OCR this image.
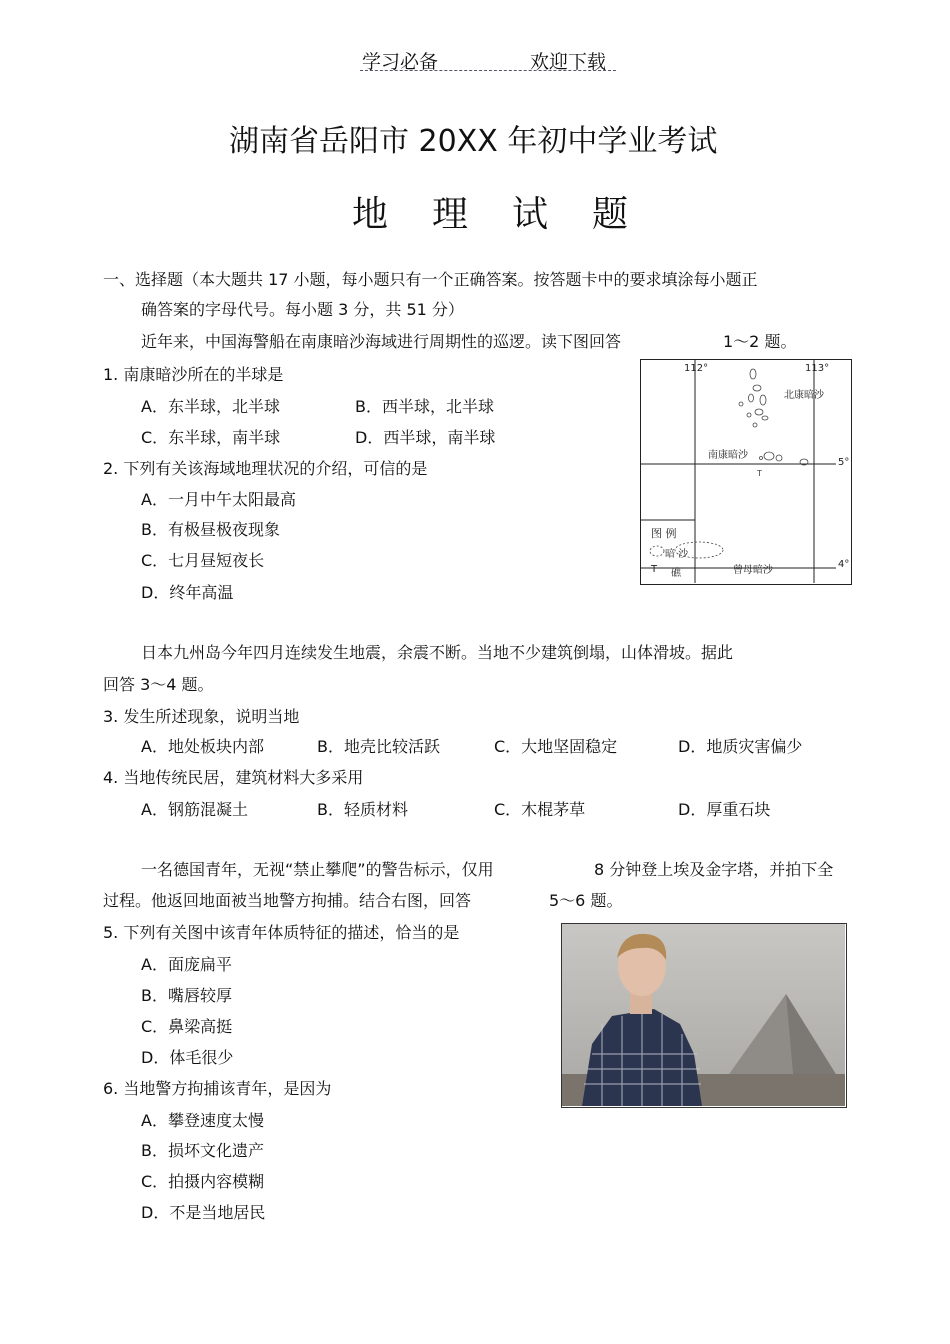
学习必备	欢迎下载
湖南省岳阳市 20XX 年初中学业考试
地 理 试 题
一、选择题（本大题共 17 小题，每小题只有一个正确答案。按答题卡中的要求填涂每小题正
确答案的字母代号。每小题 3 分，共 51 分）
近年来，中国海警船在南康暗沙海域进行周期性的巡逻。读下图回答	1～2 题。
1. 南康暗沙所在的半球是
A．东半球，北半球	B．西半球，北半球
C．东半球，南半球	D．西半球，南半球
2. 下列有关该海域地理状况的介绍，可信的是
A．一月中午太阳最高
B．有极昼极夜现象
C．七月昼短夜长
D．终年高温
T
112°	113°
北康暗沙
南康暗沙
5°
4°
曾母暗沙
图 例
暗 沙
T 礁
日本九州岛今年四月连续发生地震，余震不断。当地不少建筑倒塌，山体滑坡。据此
回答 3～4 题。
3. 发生所述现象，说明当地
A．地处板块内部	B．地壳比较活跃	C．大地坚固稳定	D．地质灾害偏少
4. 当地传统民居，建筑材料大多采用
A．钢筋混凝土	B．轻质材料	C．木棍茅草	D．厚重石块
一名德国青年，无视“禁止攀爬”的警告标示，仅用	8 分钟登上埃及金字塔，并拍下全
过程。他返回地面被当地警方拘捕。结合右图，回答	5～6 题。
5. 下列有关图中该青年体质特征的描述，恰当的是
A．面庞扁平
B．嘴唇较厚
C．鼻梁高挺
D．体毛很少
6. 当地警方拘捕该青年，是因为
A．攀登速度太慢
B．损坏文化遗产
C．拍摄内容模糊
D．不是当地居民
